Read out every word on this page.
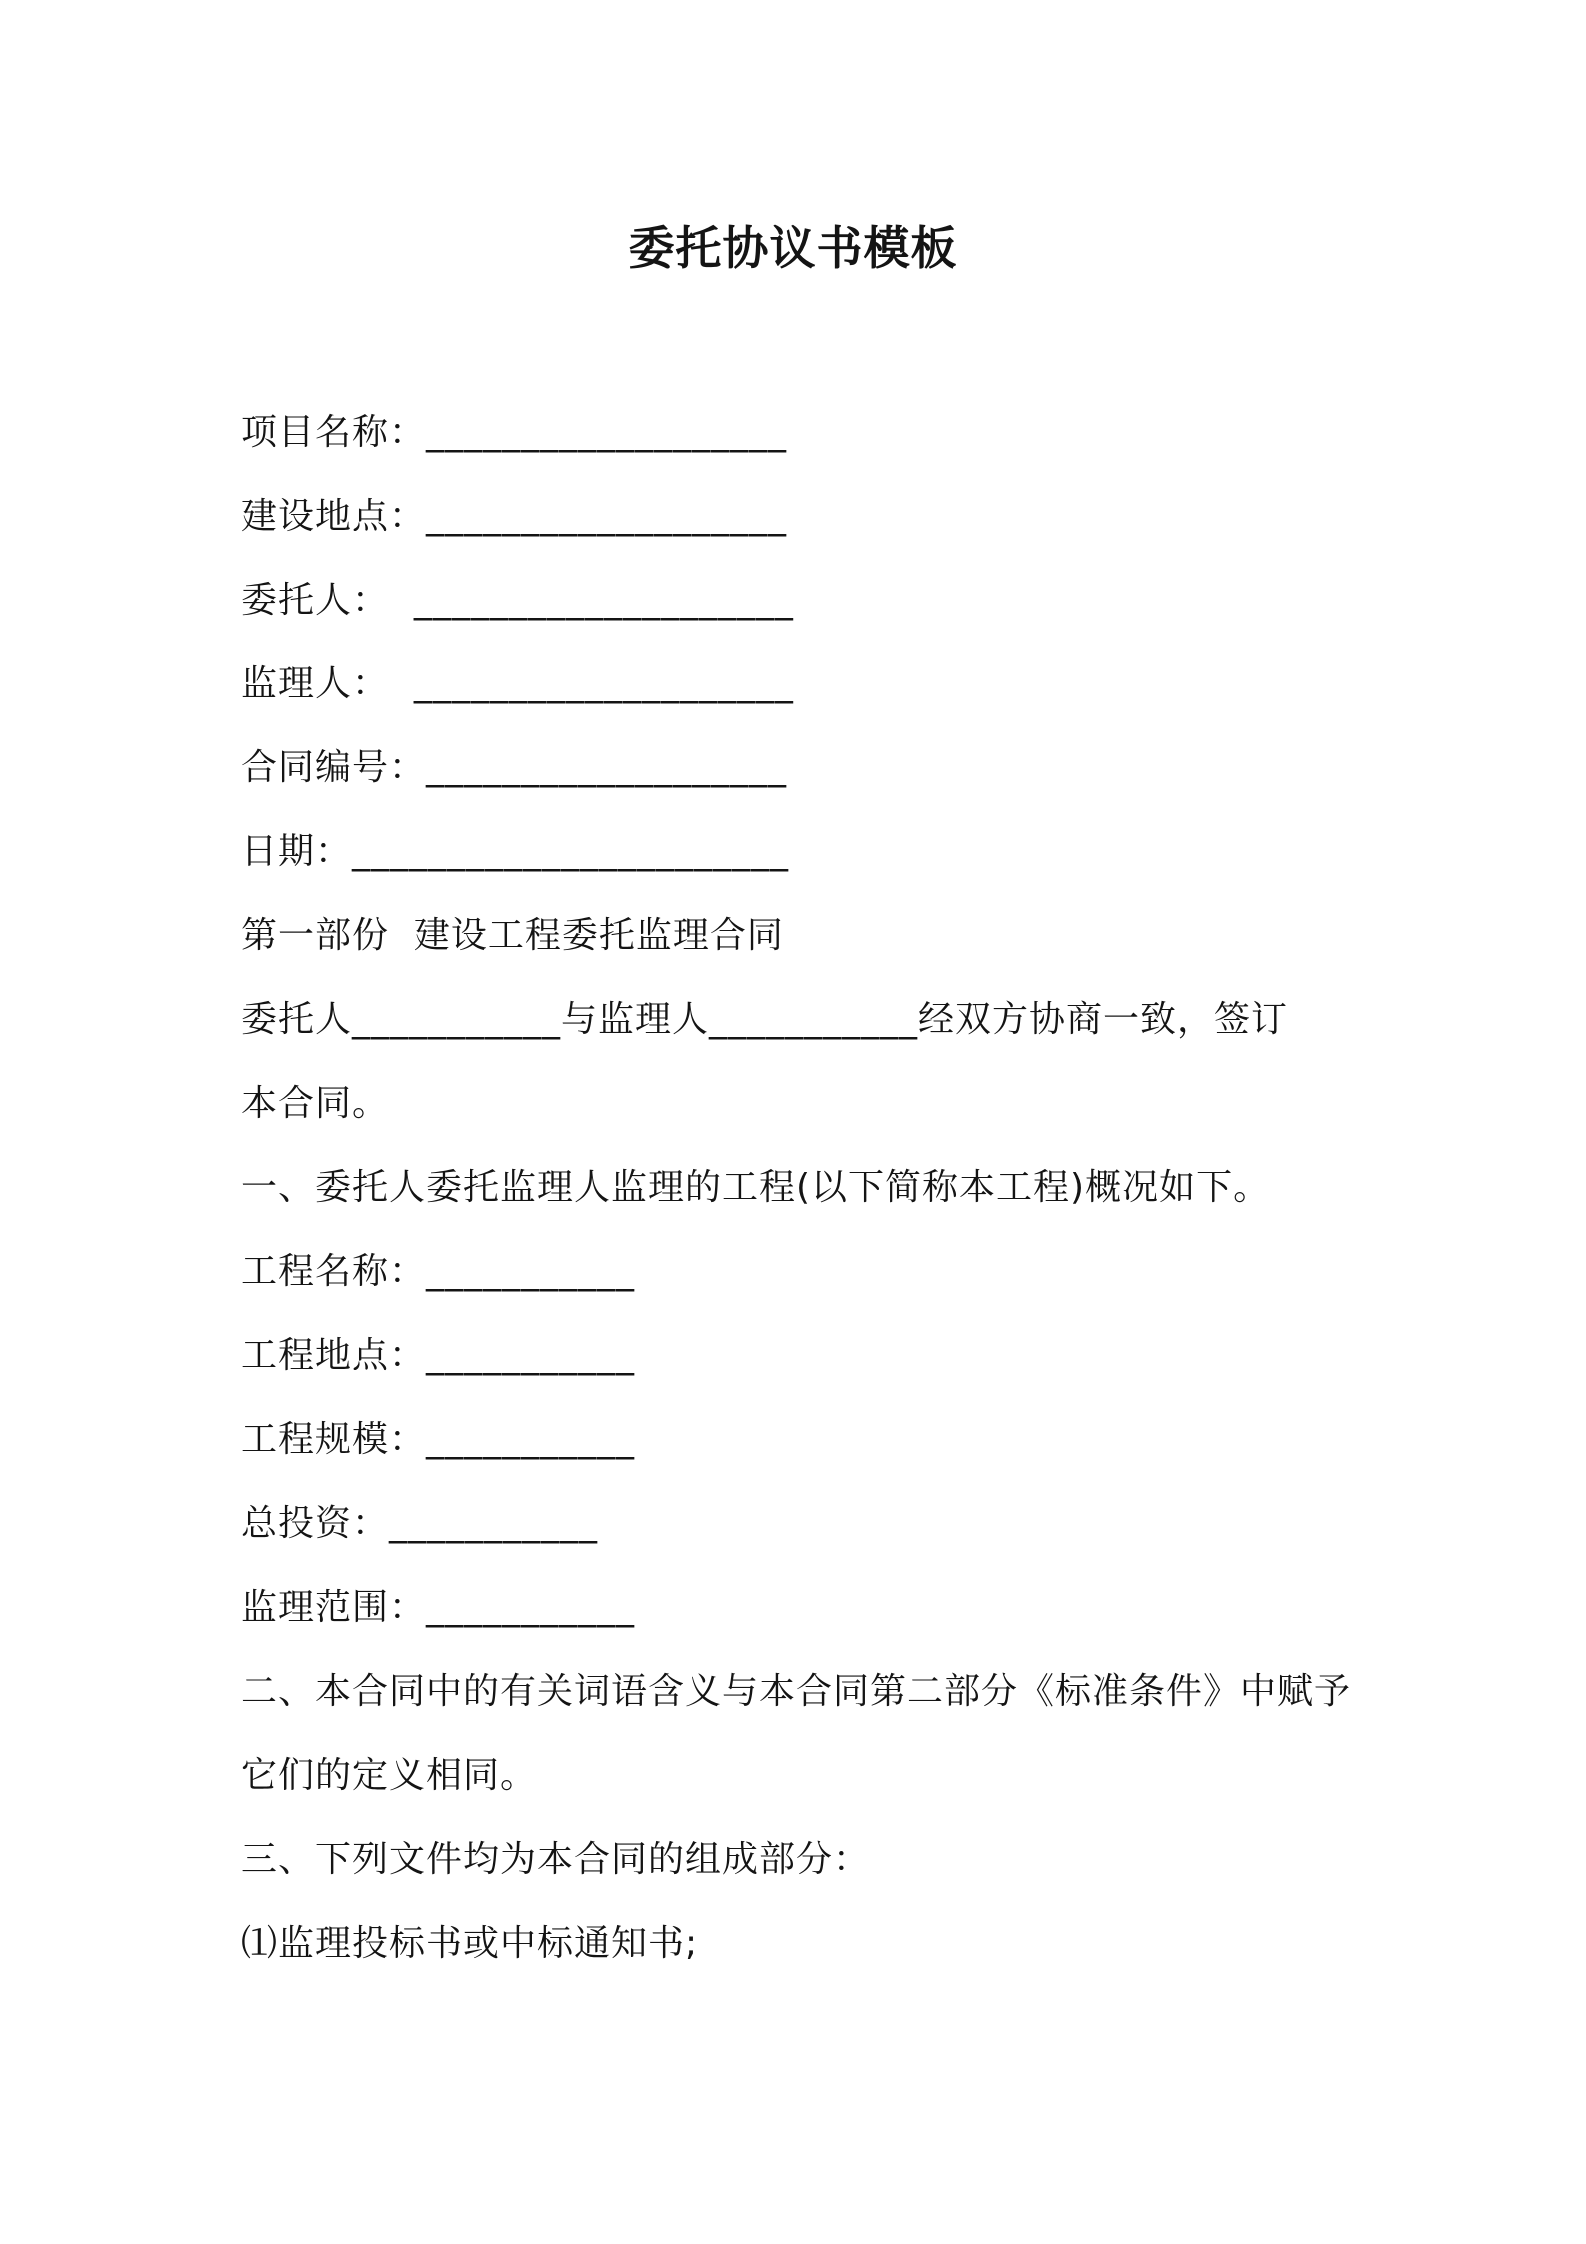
委托协议书模板
项目名称：___________________
建设地点：___________________
委托人：  ____________________
监理人：  ____________________
合同编号：___________________
日期：_______________________
第一部份  建设工程委托监理合同
委托人___________与监理人___________经双方协商一致，签订
本合同。
一、委托人委托监理人监理的工程(以下简称本工程)概况如下。
工程名称：___________
工程地点：___________
工程规模：___________
总投资：___________
监理范围：___________
二、本合同中的有关词语含义与本合同第二部分《标准条件》中赋予
它们的定义相同。
三、下列文件均为本合同的组成部分：
⑴监理投标书或中标通知书;
